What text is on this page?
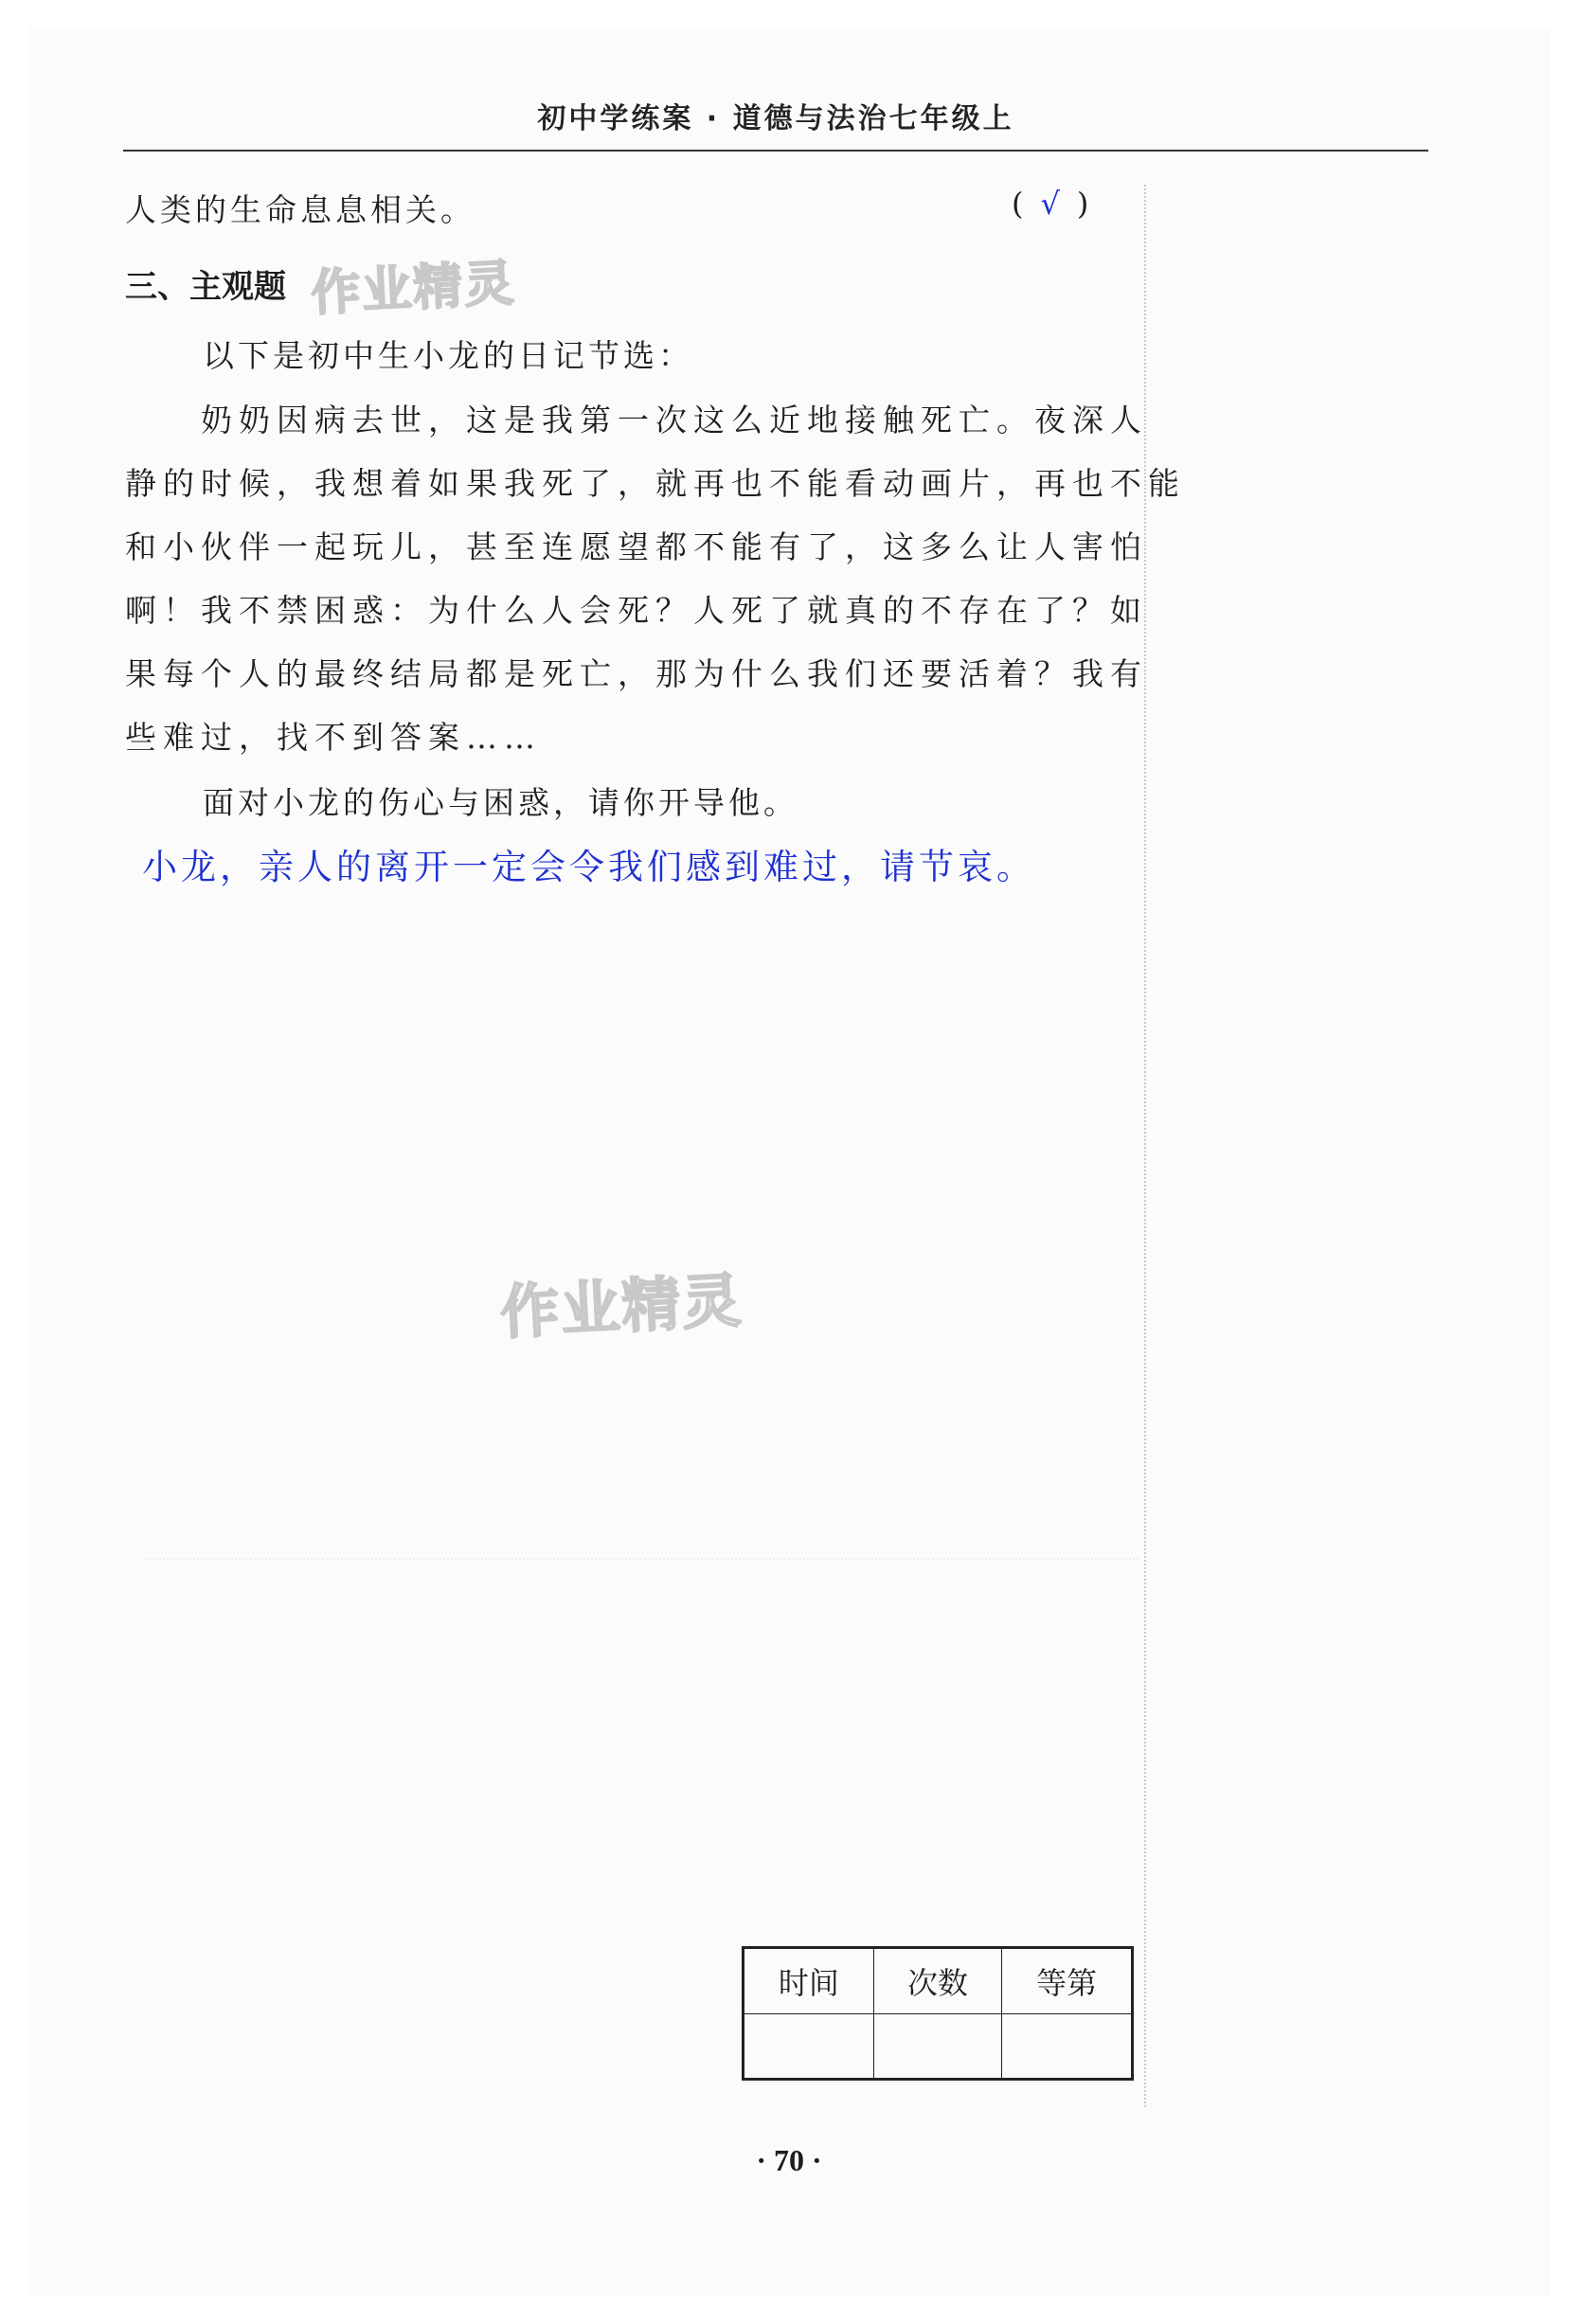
初中学练案 · 道德与法治七年级上
人类的生命息息相关。	( √ )
三、主观题 作业精灵
以下是初中生小龙的日记节选：
奶奶因病去世，这是我第一次这么近地接触死亡。夜深人
静的时候，我想着如果我死了，就再也不能看动画片，再也不能
和小伙伴一起玩儿，甚至连愿望都不能有了，这多么让人害怕
啊！我不禁困惑：为什么人会死？人死了就真的不存在了？如
果每个人的最终结局都是死亡，那为什么我们还要活着？我有
些难过，找不到答案……
面对小龙的伤心与困惑，请你开导他。
小龙，亲人的离开一定会令我们感到难过，请节哀。
作业精灵
时间	次数	等第

· 70 ·
